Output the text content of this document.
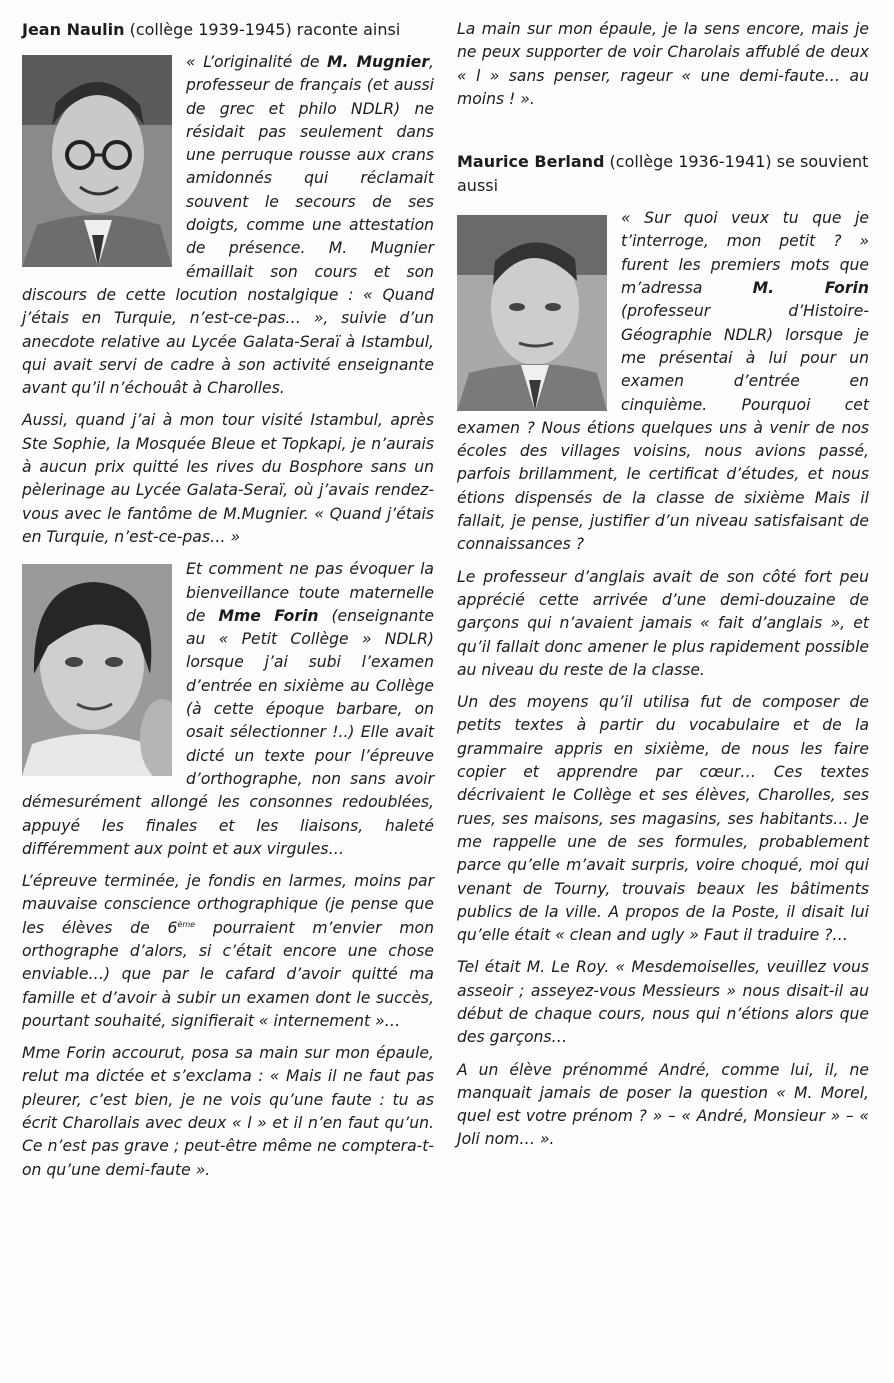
Jean Naulin (collège 1939-1945) raconte ainsi

« L’originalité de M. Mugnier, professeur de français (et aussi de grec et philo NDLR) ne résidait pas seulement dans une perruque rousse aux crans amidonnés qui réclamait souvent le secours de ses doigts, comme une attestation de présence. M. Mugnier émaillait son cours et son discours de cette locution nostalgique : « Quand j’étais en Turquie, n’est-ce-pas… », suivie d’un anecdote relative au Lycée Galata-Seraï à Istambul, qui avait servi de cadre à son activité enseignante avant qu’il n’échouât à Charolles.

Aussi, quand j’ai à mon tour visité Istambul, après Ste Sophie, la Mosquée Bleue et Topkapi, je n’aurais à aucun prix quitté les rives du Bosphore sans un pèlerinage au Lycée Galata-Seraï, où j’avais rendez-vous avec le fantôme de M.Mugnier. « Quand j’étais en Turquie, n’est-ce-pas… »

Et comment ne pas évoquer la bienveillance toute maternelle de Mme Forin (enseignante au « Petit Collège » NDLR) lorsque j’ai subi l’examen d’entrée en sixième au Collège (à cette époque barbare, on osait sélectionner !..) Elle avait dicté un texte pour l’épreuve d’orthographe, non sans avoir démesurément allongé les consonnes redoublées, appuyé les finales et les liaisons, haleté différemment aux point et aux virgules…

L’épreuve terminée, je fondis en larmes, moins par mauvaise conscience orthographique (je pense que les élèves de 6ème pourraient m’envier mon orthographe d’alors, si c’était encore une chose enviable…) que par le cafard d’avoir quitté ma famille et d’avoir à subir un examen dont le succès, pourtant souhaité, signifierait « internement »…

Mme Forin accourut, posa sa main sur mon épaule, relut ma dictée et s’exclama : « Mais il ne faut pas pleurer, c’est bien, je ne vois qu’une faute : tu as écrit Charollais avec deux « l » et il n’en faut qu’un. Ce n’est pas grave ; peut-être même ne comptera-t-on qu’une demi-faute ».

La main sur mon épaule, je la sens encore, mais je ne peux supporter de voir Charolais affublé de deux « l » sans penser, rageur « une demi-faute… au moins ! ».

Maurice Berland (collège 1936-1941) se souvient aussi

« Sur quoi veux tu que je t’interroge, mon petit ? » furent les premiers mots que m’adressa M. Forin (professeur d’Histoire-Géographie NDLR) lorsque je me présentai à lui pour un examen d’entrée en cinquième. Pourquoi cet examen ? Nous étions quelques uns à venir de nos écoles des villages voisins, nous avions passé, parfois brillamment, le certificat d’études, et nous étions dispensés de la classe de sixième Mais il fallait, je pense, justifier d’un niveau satisfaisant de connaissances ?

Le professeur d’anglais avait de son côté fort peu apprécié cette arrivée d’une demi-douzaine de garçons qui n’avaient jamais « fait d’anglais », et qu’il fallait donc amener le plus rapidement possible au niveau du reste de la classe.

Un des moyens qu’il utilisa fut de composer de petits textes à partir du vocabulaire et de la grammaire appris en sixième, de nous les faire copier et apprendre par cœur… Ces textes décrivaient le Collège et ses élèves, Charolles, ses rues, ses maisons, ses magasins, ses habitants… Je me rappelle une de ses formules, probablement parce qu’elle m’avait surpris, voire choqué, moi qui venant de Tourny, trouvais beaux les bâtiments publics de la ville. A propos de la Poste, il disait lui qu’elle était « clean and ugly » Faut il traduire ?…

Tel était M. Le Roy. « Mesdemoiselles, veuillez vous asseoir ; asseyez-vous Messieurs » nous disait-il au début de chaque cours, nous qui n’étions alors que des garçons…

A un élève prénommé André, comme lui, il, ne manquait jamais de poser la question « M. Morel, quel est votre prénom ? » – « André, Monsieur » – « Joli nom… ».
